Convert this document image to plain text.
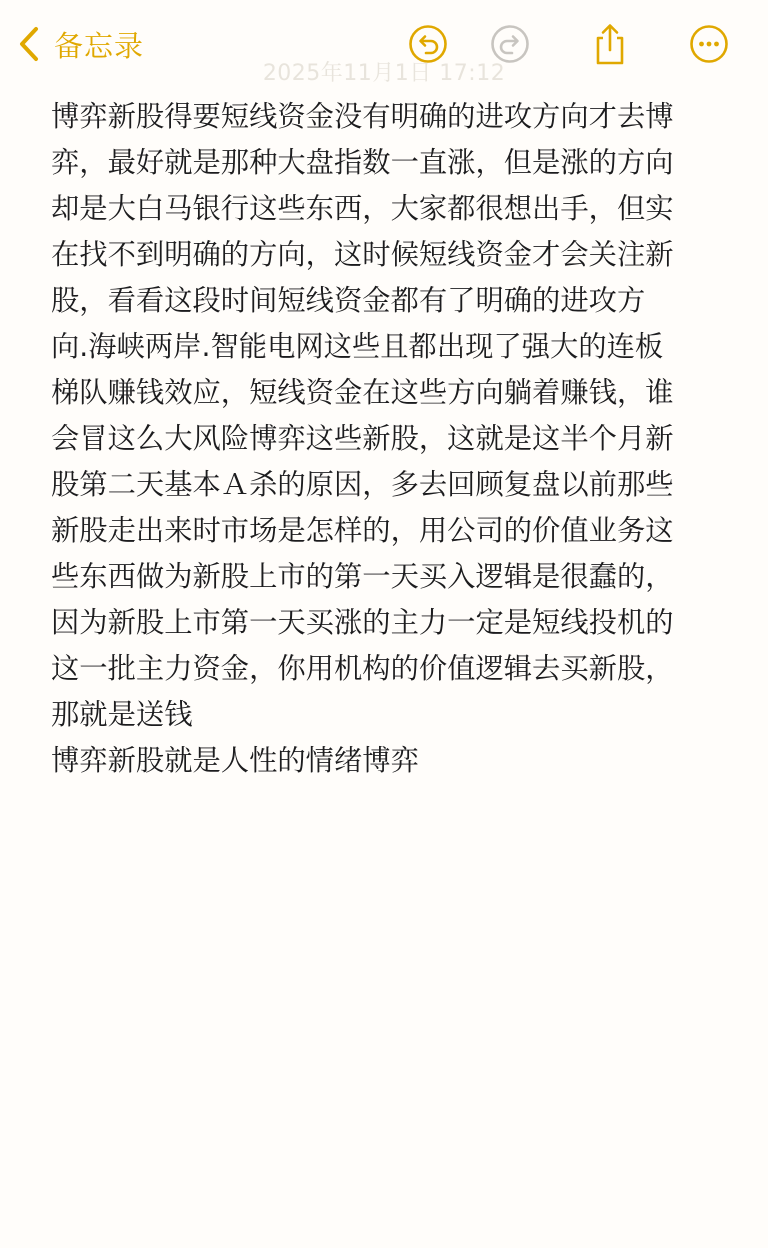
备忘录
2025年11月1日 17:12
博弈新股得要短线资金没有明确的进攻方向才去博
弈，最好就是那种大盘指数一直涨，但是涨的方向
却是大白马银行这些东西，大家都很想出手，但实
在找不到明确的方向，这时候短线资金才会关注新
股，看看这段时间短线资金都有了明确的进攻方
向.海峡两岸.智能电网这些且都出现了强大的连板
梯队赚钱效应，短线资金在这些方向躺着赚钱，谁
会冒这么大风险博弈这些新股，这就是这半个月新
股第二天基本Ａ杀的原因，多去回顾复盘以前那些
新股走出来时市场是怎样的，用公司的价值业务这
些东西做为新股上市的第一天买入逻辑是很蠢的，
因为新股上市第一天买涨的主力一定是短线投机的
这一批主力资金，你用机构的价值逻辑去买新股，
那就是送钱
博弈新股就是人性的情绪博弈
